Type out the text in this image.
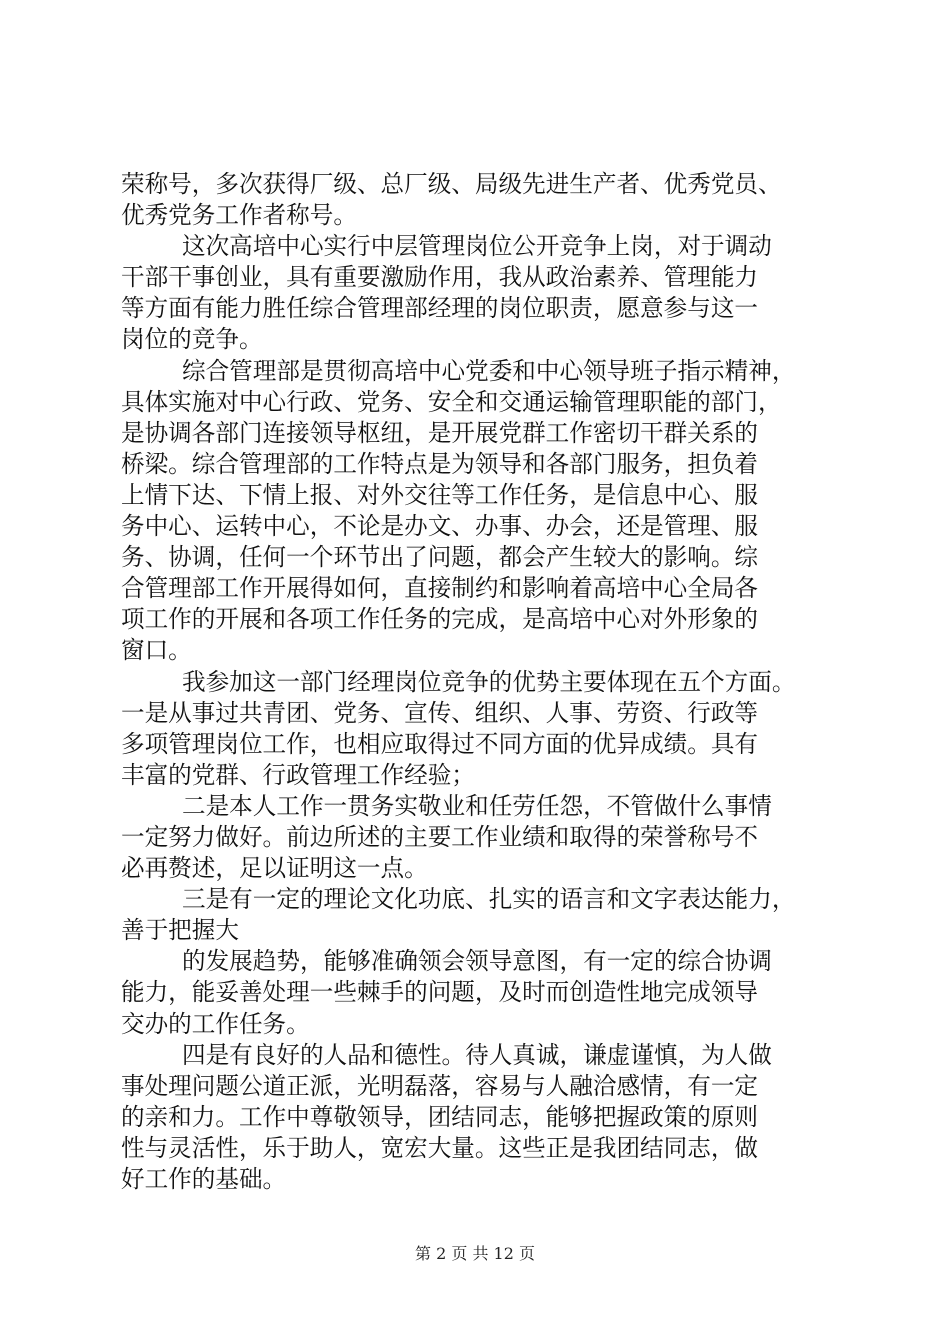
荣称号，多次获得厂级、总厂级、局级先进生产者、优秀党员、
优秀党务工作者称号。
这次高培中心实行中层管理岗位公开竞争上岗，对于调动
干部干事创业，具有重要激励作用，我从政治素养、管理能力
等方面有能力胜任综合管理部经理的岗位职责，愿意参与这一
岗位的竞争。
综合管理部是贯彻高培中心党委和中心领导班子指示精神，
具体实施对中心行政、党务、安全和交通运输管理职能的部门，
是协调各部门连接领导枢纽，是开展党群工作密切干群关系的
桥梁。综合管理部的工作特点是为领导和各部门服务，担负着
上情下达、下情上报、对外交往等工作任务，是信息中心、服
务中心、运转中心，不论是办文、办事、办会，还是管理、服
务、协调，任何一个环节出了问题，都会产生较大的影响。综
合管理部工作开展得如何，直接制约和影响着高培中心全局各
项工作的开展和各项工作任务的完成，是高培中心对外形象的
窗口。
我参加这一部门经理岗位竞争的优势主要体现在五个方面。
一是从事过共青团、党务、宣传、组织、人事、劳资、行政等
多项管理岗位工作，也相应取得过不同方面的优异成绩。具有
丰富的党群、行政管理工作经验；
二是本人工作一贯务实敬业和任劳任怨，不管做什么事情
一定努力做好。前边所述的主要工作业绩和取得的荣誉称号不
必再赘述，足以证明这一点。
三是有一定的理论文化功底、扎实的语言和文字表达能力，
善于把握大
的发展趋势，能够准确领会领导意图，有一定的综合协调
能力，能妥善处理一些棘手的问题，及时而创造性地完成领导
交办的工作任务。
四是有良好的人品和德性。待人真诚，谦虚谨慎，为人做
事处理问题公道正派，光明磊落，容易与人融洽感情，有一定
的亲和力。工作中尊敬领导，团结同志，能够把握政策的原则
性与灵活性，乐于助人，宽宏大量。这些正是我团结同志，做
好工作的基础。
第 2 页 共 12 页
